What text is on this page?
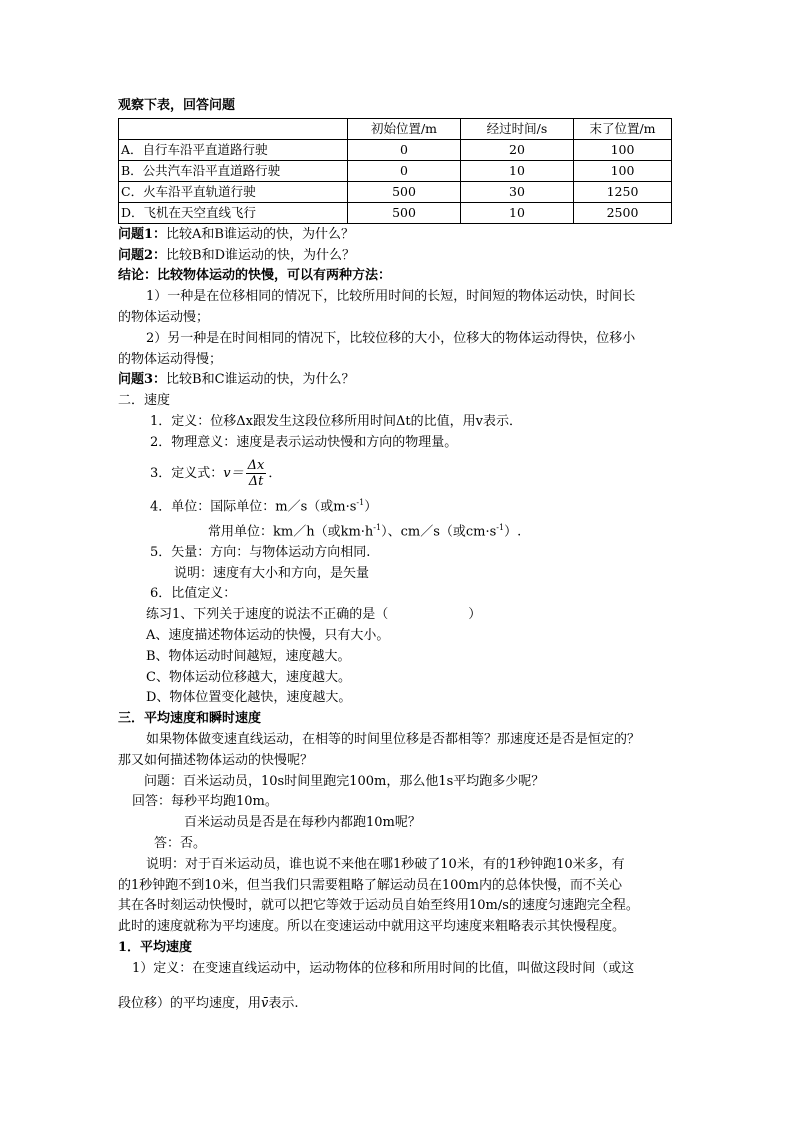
观察下表，回答问题
	初始位置/m	经过时间/s	末了位置/m
A．自行车沿平直道路行驶	0	20	100
B．公共汽车沿平直道路行驶	0	10	100
C．火车沿平直轨道行驶	500	30	1250
D．飞机在天空直线飞行	500	10	2500
问题1：比较A和B谁运动的快，为什么？
问题2：比较B和D谁运动的快，为什么？
结论：比较物体运动的快慢，可以有两种方法：
1）一种是在位移相同的情况下，比较所用时间的长短，时间短的物体运动快，时间长
的物体运动慢；
2）另一种是在时间相同的情况下，比较位移的大小，位移大的物体运动得快，位移小
的物体运动得慢；
问题3：比较B和C谁运动的快，为什么？
二．速度
1．定义：位移Δx跟发生这段位移所用时间Δt的比值，用v表示．
2．物理意义：速度是表示运动快慢和方向的物理量。
3．定义式：$v= \frac{\Delta x}{\Delta t}$ ．
4．单位：国际单位：m／s（或$m\cdot s^{-1}$）
常用单位：km／h（或$km\cdot h^{-1}$）、cm／s（或$cm\cdot s^{-1}$）.
5．矢量：方向：与物体运动方向相同.
说明：速度有大小和方向，是矢量
6．比值定义：
练习1、下列关于速度的说法不正确的是（	）
A、速度描述物体运动的快慢，只有大小。
B、物体运动时间越短，速度越大。
C、物体运动位移越大，速度越大。
D、物体位置变化越快，速度越大。
三．平均速度和瞬时速度
如果物体做变速直线运动，在相等的时间里位移是否都相等？那速度还是否是恒定的？
那又如何描述物体运动的快慢呢？
问题：百米运动员，10s时间里跑完100m，那么他1s平均跑多少呢？
回答：每秒平均跑10m。
百米运动员是否是在每秒内都跑10m呢？
答：否。
说明：对于百米运动员，谁也说不来他在哪1秒破了10米，有的1秒钟跑10米多，有
的1秒钟跑不到10米，但当我们只需要粗略了解运动员在100m内的总体快慢，而不关心
其在各时刻运动快慢时，就可以把它等效于运动员自始至终用10m/s的速度匀速跑完全程。
此时的速度就称为平均速度。所以在变速运动中就用这平均速度来粗略表示其快慢程度。
1．平均速度
1）定义：在变速直线运动中，运动物体的位移和所用时间的比值，叫做这段时间（或这
段位移）的平均速度，用v̄表示.
